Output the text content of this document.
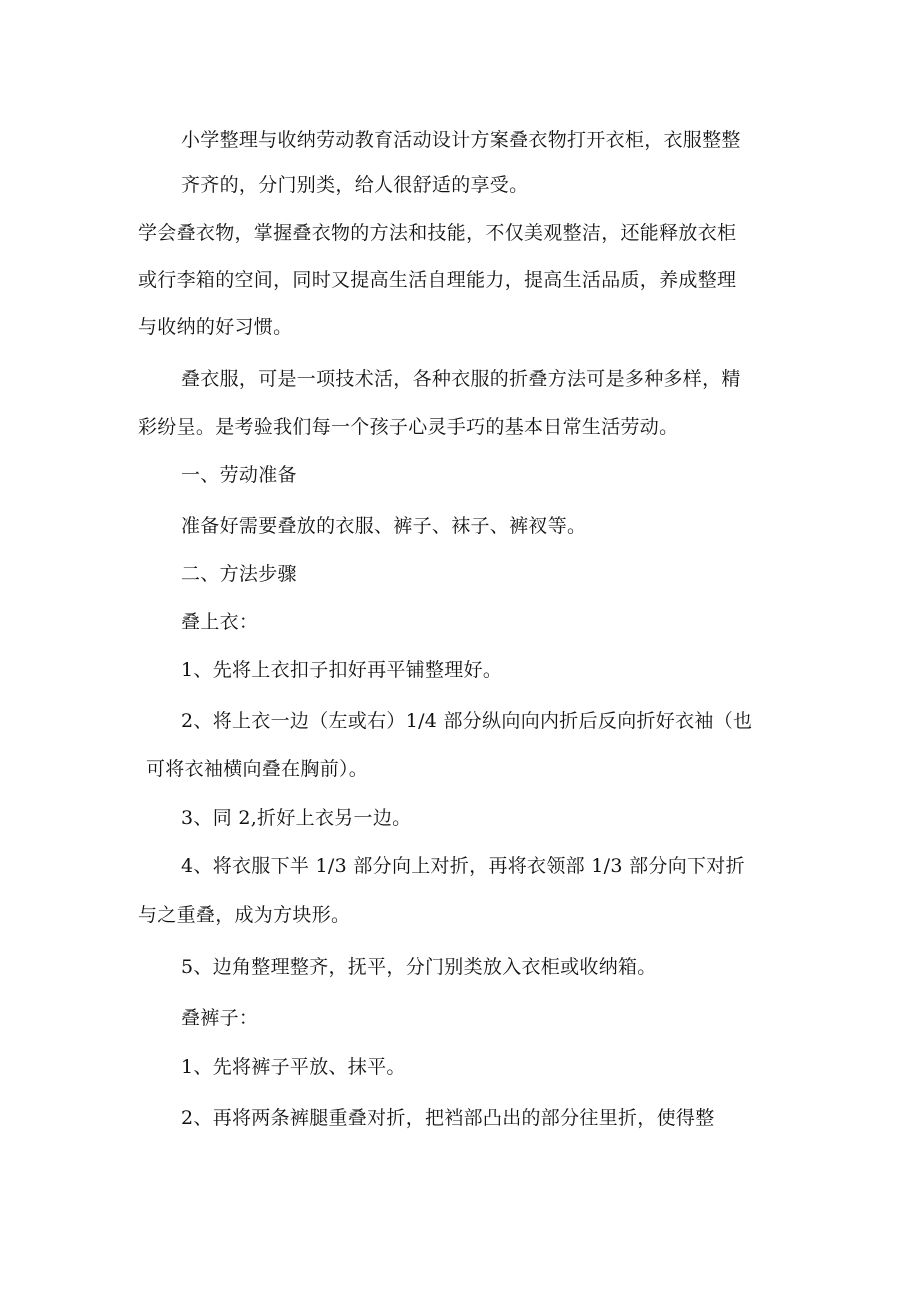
小学整理与收纳劳动教育活动设计方案叠衣物打开衣柜，衣服整整
齐齐的，分门别类，给人很舒适的享受。
学会叠衣物，掌握叠衣物的方法和技能，不仅美观整洁，还能释放衣柜
或行李箱的空间，同时又提高生活自理能力，提高生活品质，养成整理
与收纳的好习惯。
叠衣服，可是一项技术活，各种衣服的折叠方法可是多种多样，精
彩纷呈。是考验我们每一个孩子心灵手巧的基本日常生活劳动。
一、劳动准备
准备好需要叠放的衣服、裤子、袜子、裤衩等。
二、方法步骤
叠上衣：
1、先将上衣扣子扣好再平铺整理好。
2、将上衣一边（左或右）1/4 部分纵向向内折后反向折好衣袖（也
可将衣袖横向叠在胸前）。
3、同 2,折好上衣另一边。
4、将衣服下半 1/3 部分向上对折，再将衣领部 1/3 部分向下对折
与之重叠，成为方块形。
5、边角整理整齐，抚平，分门别类放入衣柜或收纳箱。
叠裤子：
1、先将裤子平放、抹平。
2、再将两条裤腿重叠对折，把裆部凸出的部分往里折，使得整
